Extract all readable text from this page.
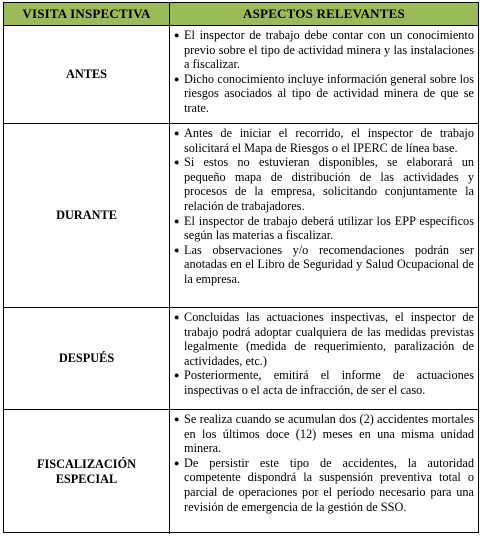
VISITA INSPECTIVA	ASPECTOS RELEVANTES
ANTES
● El inspector de trabajo debe contar con un conocimiento previo sobre el tipo de actividad minera y las instalaciones a fiscalizar.
● Dicho conocimiento incluye información general sobre los riesgos asociados al tipo de actividad minera de que se trate.
DURANTE
● Antes de iniciar el recorrido, el inspector de trabajo solicitará el Mapa de Riesgos o el IPERC de línea base.
● Si estos no estuvieran disponibles, se elaborará un pequeño mapa de distribución de las actividades y procesos de la empresa, solicitando conjuntamente la relación de trabajadores.
● El inspector de trabajo deberá utilizar los EPP específicos según las materias a fiscalizar.
● Las observaciones y/o recomendaciones podrán ser anotadas en el Libro de Seguridad y Salud Ocupacional de la empresa.
DESPUÉS
● Concluidas las actuaciones inspectivas, el inspector de trabajo podrá adoptar cualquiera de las medidas previstas legalmente (medida de requerimiento, paralización de actividades, etc.)
● Posteriormente, emitirá el informe de actuaciones inspectivas o el acta de infracción, de ser el caso.
FISCALIZACIÓN ESPECIAL
● Se realiza cuando se acumulan dos (2) accidentes mortales en los últimos doce (12) meses en una misma unidad minera.
● De persistir este tipo de accidentes, la autoridad competente dispondrá la suspensión preventiva total o parcial de operaciones por el período necesario para una revisión de emergencia de la gestión de SSO.
